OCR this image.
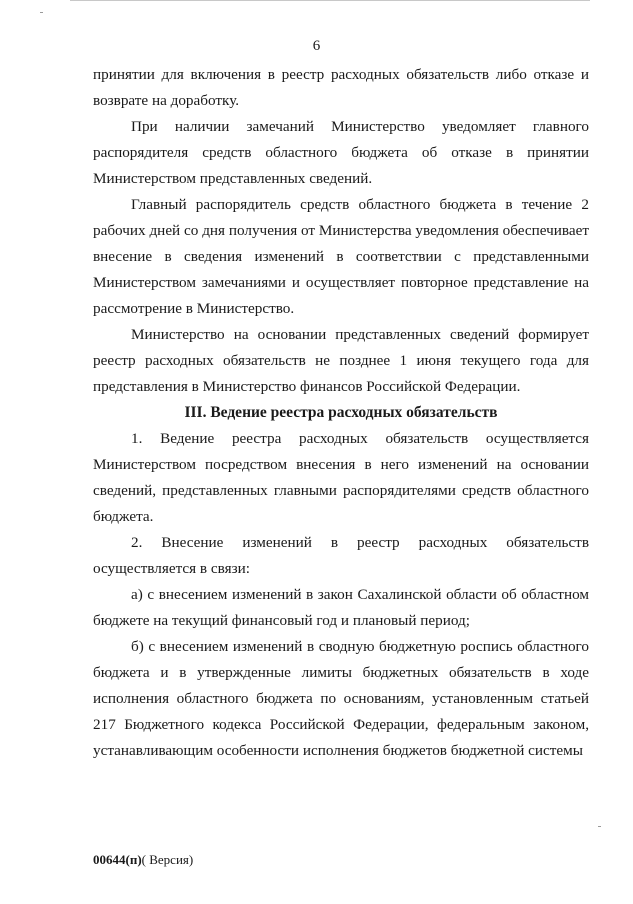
6

принятии для включения в реестр расходных обязательств либо отказе и возврате на доработку.

При наличии замечаний Министерство уведомляет главного распорядителя средств областного бюджета об отказе в принятии Министерством представленных сведений.

Главный распорядитель средств областного бюджета в течение 2 рабочих дней со дня получения от Министерства уведомления обеспечивает внесение в сведения изменений в соответствии с представленными Министерством замечаниями и осуществляет повторное представление на рассмотрение в Министерство.

Министерство на основании представленных сведений формирует реестр расходных обязательств не позднее 1 июня текущего года для представления в Министерство финансов Российской Федерации.

III. Ведение реестра расходных обязательств

1. Ведение реестра расходных обязательств осуществляется Министерством посредством внесения в него изменений на основании сведений, представленных главными распорядителями средств областного бюджета.

2. Внесение изменений в реестр расходных обязательств осуществляется в связи:

а) с внесением изменений в закон Сахалинской области об областном бюджете на текущий финансовый год и плановый период;

б) с внесением изменений в сводную бюджетную роспись областного бюджета и в утвержденные лимиты бюджетных обязательств в ходе исполнения областного бюджета по основаниям, установленным статьей 217 Бюджетного кодекса Российской Федерации, федеральным законом, устанавливающим особенности исполнения бюджетов бюджетной системы

00644(п)( Версия)
